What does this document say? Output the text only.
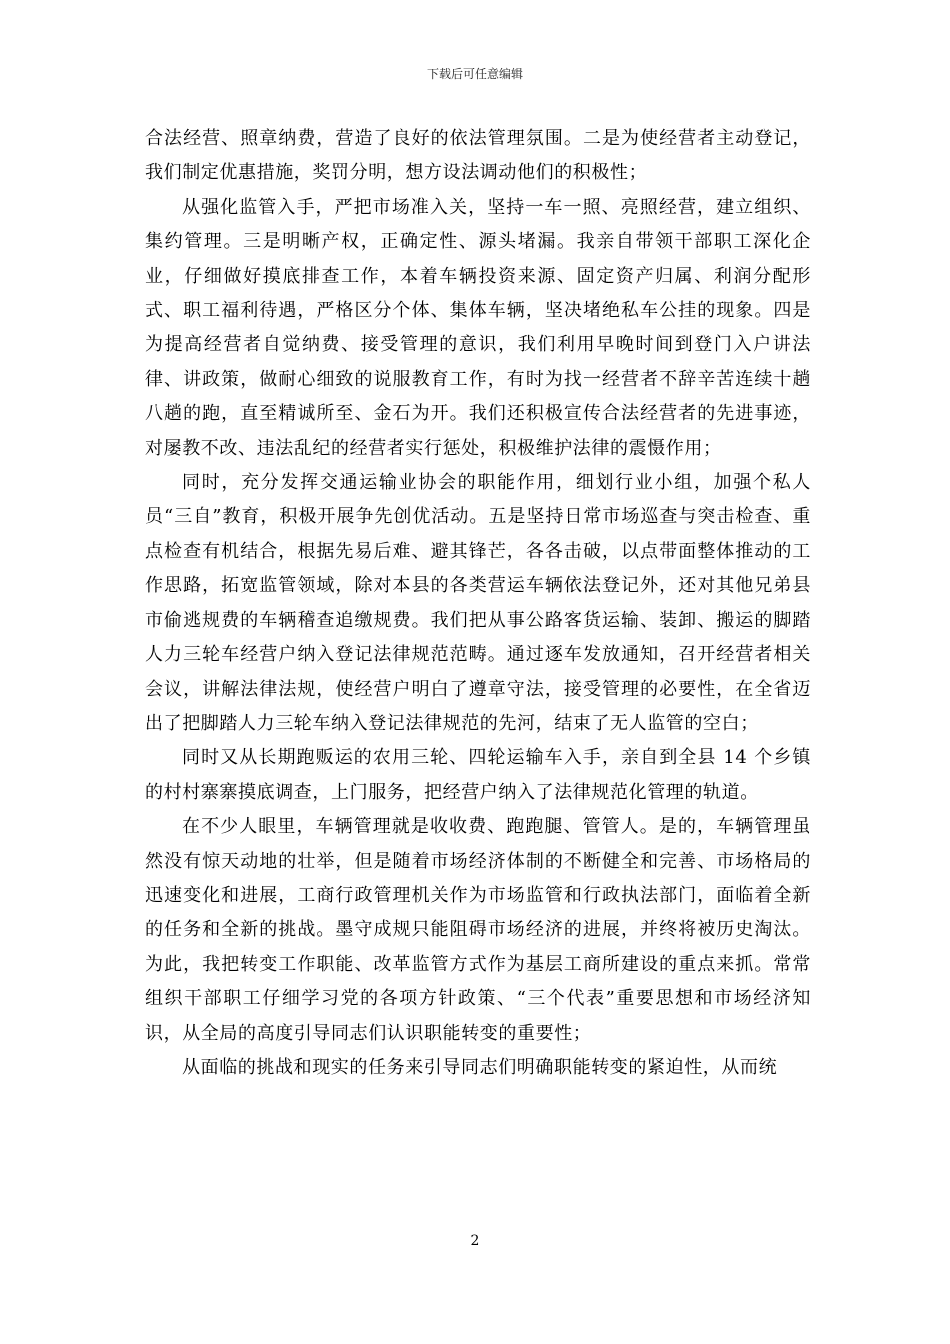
下载后可任意编辑

合法经营、照章纳费，营造了良好的依法管理氛围。二是为使经营者主动登记，我们制定优惠措施，奖罚分明，想方设法调动他们的积极性；

从强化监管入手，严把市场准入关，坚持一车一照、亮照经营，建立组织、集约管理。三是明晰产权，正确定性、源头堵漏。我亲自带领干部职工深化企业，仔细做好摸底排查工作，本着车辆投资来源、固定资产归属、利润分配形式、职工福利待遇，严格区分个体、集体车辆，坚决堵绝私车公挂的现象。四是为提高经营者自觉纳费、接受管理的意识，我们利用早晚时间到登门入户讲法律、讲政策，做耐心细致的说服教育工作，有时为找一经营者不辞辛苦连续十趟八趟的跑，直至精诚所至、金石为开。我们还积极宣传合法经营者的先进事迹，对屡教不改、违法乱纪的经营者实行惩处，积极维护法律的震慑作用；

同时，充分发挥交通运输业协会的职能作用，细划行业小组，加强个私人员“三自”教育，积极开展争先创优活动。五是坚持日常市场巡查与突击检查、重点检查有机结合，根据先易后难、避其锋芒，各各击破，以点带面整体推动的工作思路，拓宽监管领域，除对本县的各类营运车辆依法登记外，还对其他兄弟县市偷逃规费的车辆稽查追缴规费。我们把从事公路客货运输、装卸、搬运的脚踏人力三轮车经营户纳入登记法律规范范畴。通过逐车发放通知，召开经营者相关会议，讲解法律法规，使经营户明白了遵章守法，接受管理的必要性，在全省迈出了把脚踏人力三轮车纳入登记法律规范的先河，结束了无人监管的空白；

同时又从长期跑贩运的农用三轮、四轮运输车入手，亲自到全县 14 个乡镇的村村寨寨摸底调查，上门服务，把经营户纳入了法律规范化管理的轨道。

在不少人眼里，车辆管理就是收收费、跑跑腿、管管人。是的，车辆管理虽然没有惊天动地的壮举，但是随着市场经济体制的不断健全和完善、市场格局的迅速变化和进展，工商行政管理机关作为市场监管和行政执法部门，面临着全新的任务和全新的挑战。墨守成规只能阻碍市场经济的进展，并终将被历史淘汰。为此，我把转变工作职能、改革监管方式作为基层工商所建设的重点来抓。常常组织干部职工仔细学习党的各项方针政策、“三个代表”重要思想和市场经济知识，从全局的高度引导同志们认识职能转变的重要性；

从面临的挑战和现实的任务来引导同志们明确职能转变的紧迫性，从而统

2
